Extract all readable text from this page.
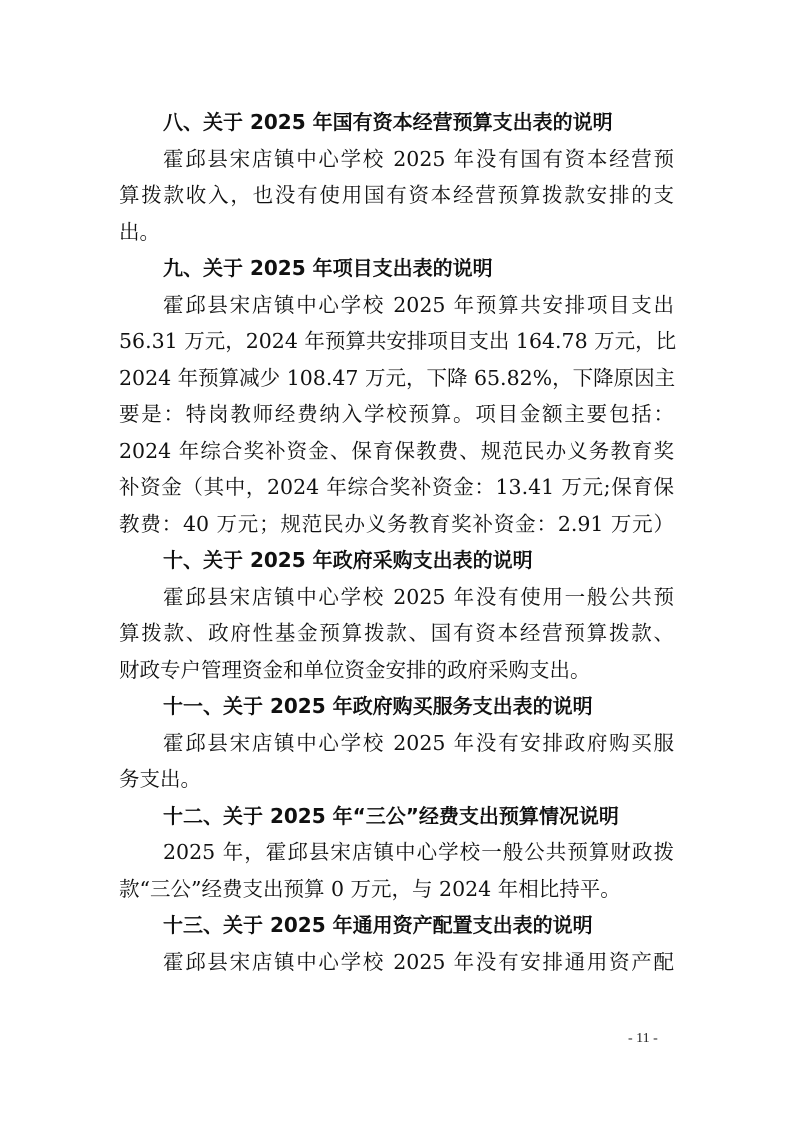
八、关于 2025 年国有资本经营预算支出表的说明
霍邱县宋店镇中心学校 2025 年没有国有资本经营预
算拨款收入，也没有使用国有资本经营预算拨款安排的支
出。
九、关于 2025 年项目支出表的说明
霍邱县宋店镇中心学校 2025 年预算共安排项目支出
56.31 万元，2024 年预算共安排项目支出 164.78 万元，比
2024 年预算减少 108.47 万元，下降 65.82%，下降原因主
要是：特岗教师经费纳入学校预算。项目金额主要包括：
2024 年综合奖补资金、保育保教费、规范民办义务教育奖
补资金（其中，2024 年综合奖补资金：13.41 万元;保育保
教费：40 万元；规范民办义务教育奖补资金：2.91 万元）
十、关于 2025 年政府采购支出表的说明
霍邱县宋店镇中心学校 2025 年没有使用一般公共预
算拨款、政府性基金预算拨款、国有资本经营预算拨款、
财政专户管理资金和单位资金安排的政府采购支出。
十一、关于 2025 年政府购买服务支出表的说明
霍邱县宋店镇中心学校 2025 年没有安排政府购买服
务支出。
十二、关于 2025 年“三公”经费支出预算情况说明
2025 年，霍邱县宋店镇中心学校一般公共预算财政拨
款“三公”经费支出预算 0 万元，与 2024 年相比持平。
十三、关于 2025 年通用资产配置支出表的说明
霍邱县宋店镇中心学校 2025 年没有安排通用资产配
- 11 -
